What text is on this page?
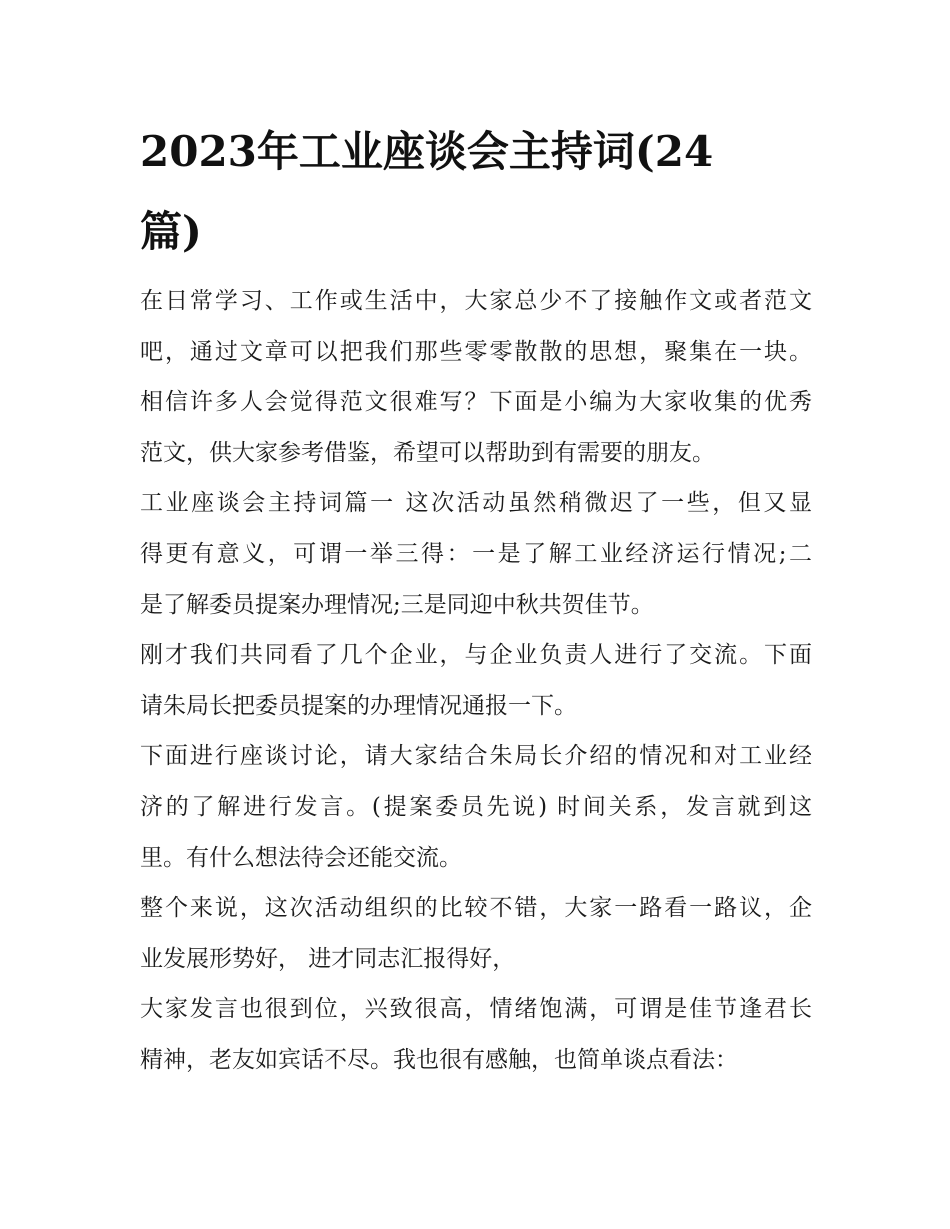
2023年工业座谈会主持词(24
篇)
在日常学习、工作或生活中，大家总少不了接触作文或者范文
吧，通过文章可以把我们那些零零散散的思想，聚集在一块。
相信许多人会觉得范文很难写？下面是小编为大家收集的优秀
范文，供大家参考借鉴，希望可以帮助到有需要的朋友。
工业座谈会主持词篇一 这次活动虽然稍微迟了一些，但又显
得更有意义，可谓一举三得：一是了解工业经济运行情况;二
是了解委员提案办理情况;三是同迎中秋共贺佳节。
刚才我们共同看了几个企业，与企业负责人进行了交流。下面
请朱局长把委员提案的办理情况通报一下。
下面进行座谈讨论，请大家结合朱局长介绍的情况和对工业经
济的了解进行发言。(提案委员先说) 时间关系，发言就到这
里。有什么想法待会还能交流。
整个来说，这次活动组织的比较不错，大家一路看一路议，企
业发展形势好， 进才同志汇报得好，
大家发言也很到位，兴致很高，情绪饱满，可谓是佳节逢君长
精神，老友如宾话不尽。我也很有感触，也简单谈点看法：
